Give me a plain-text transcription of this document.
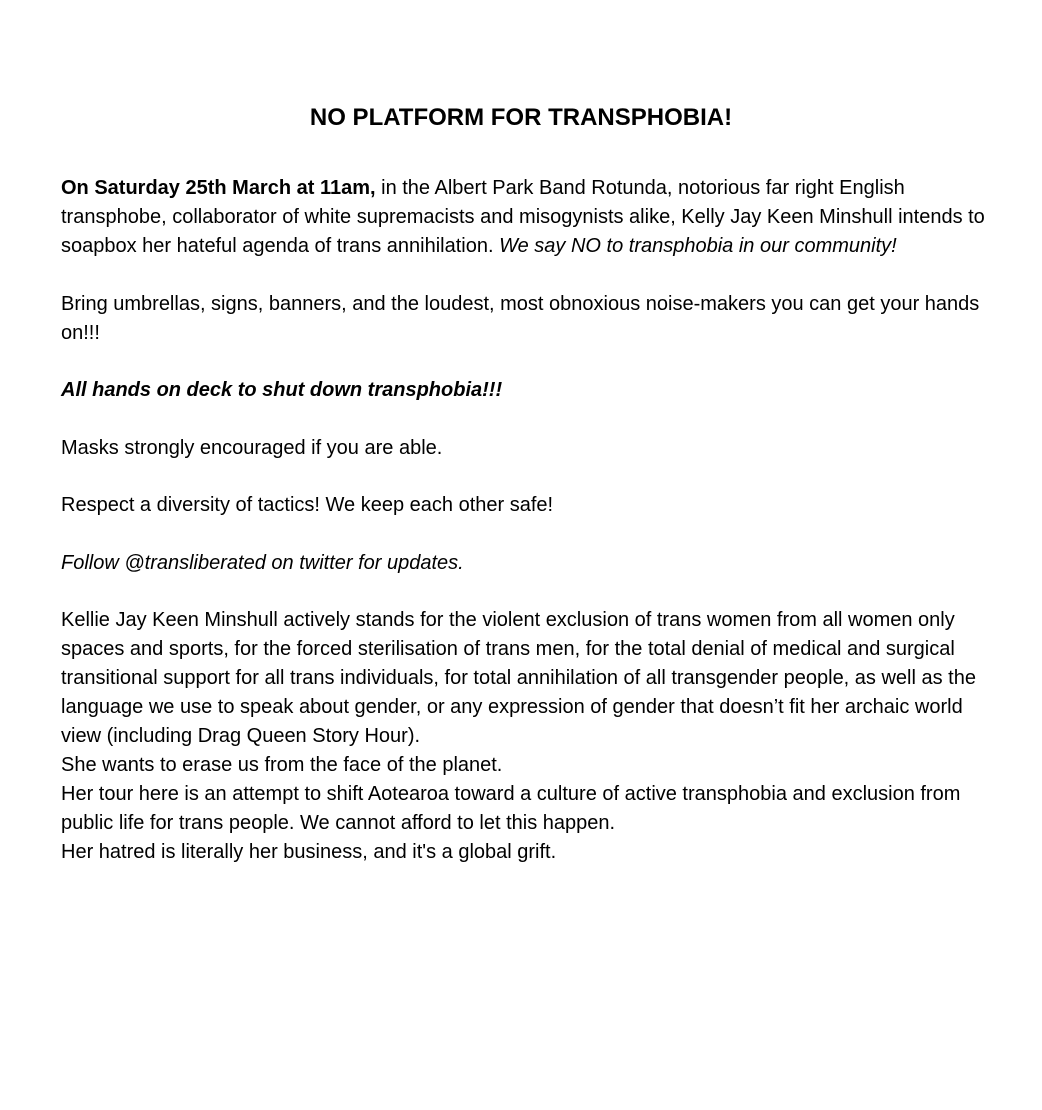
NO PLATFORM FOR TRANSPHOBIA!

On Saturday 25th March at 11am, in the Albert Park Band Rotunda, notorious far right English transphobe, collaborator of white supremacists and misogynists alike, Kelly Jay Keen Minshull intends to soapbox her hateful agenda of trans annihilation. We say NO to transphobia in our community!

Bring umbrellas, signs, banners, and the loudest, most obnoxious noise-makers you can get your hands on!!!

All hands on deck to shut down transphobia!!!

Masks strongly encouraged if you are able.

Respect a diversity of tactics! We keep each other safe!

Follow @transliberated on twitter for updates.

Kellie Jay Keen Minshull actively stands for the violent exclusion of trans women from all women only spaces and sports, for the forced sterilisation of trans men, for the total denial of medical and surgical transitional support for all trans individuals, for total annihilation of all transgender people, as well as the language we use to speak about gender, or any expression of gender that doesn’t fit her archaic world view (including Drag Queen Story Hour).
She wants to erase us from the face of the planet.
Her tour here is an attempt to shift Aotearoa toward a culture of active transphobia and exclusion from public life for trans people. We cannot afford to let this happen.
Her hatred is literally her business, and it's a global grift.
